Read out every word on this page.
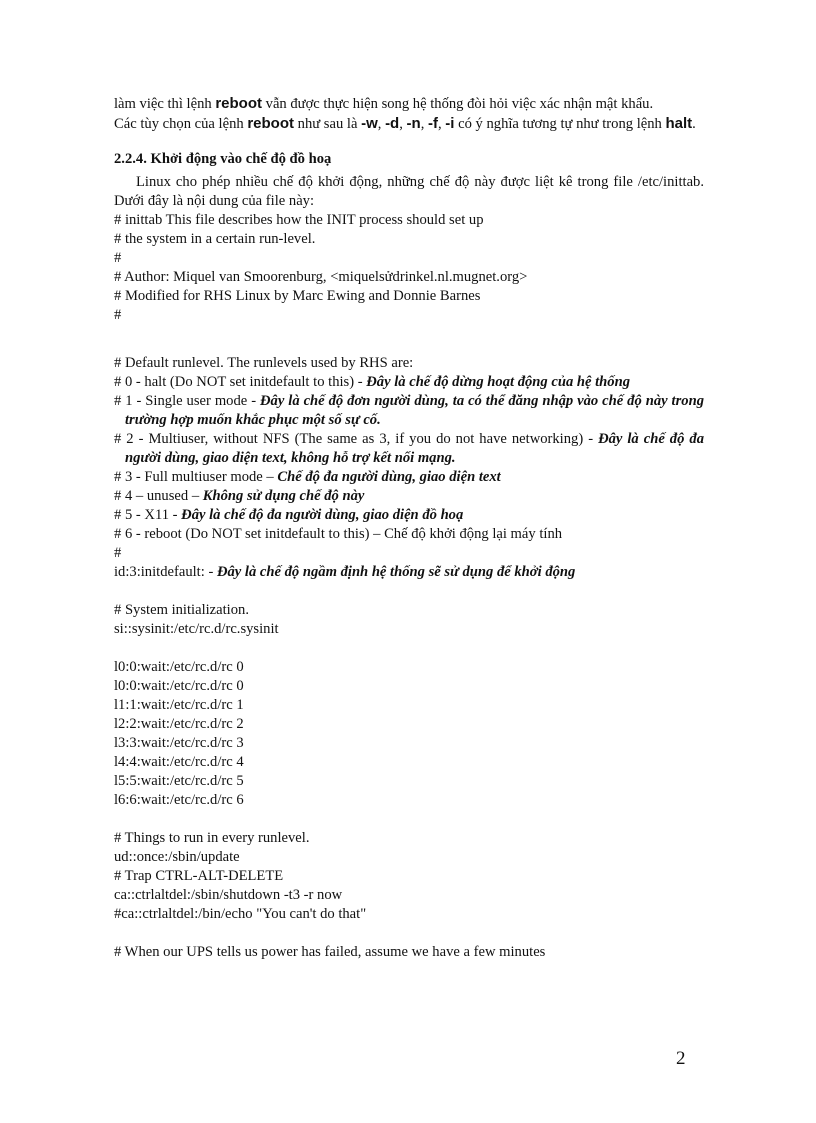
làm việc thì lệnh reboot vẫn được thực hiện song hệ thống đòi hỏi việc xác nhận mật khẩu.

Các tùy chọn của lệnh reboot như sau là -w, -d, -n, -f, -i có ý nghĩa tương tự như trong lệnh halt.

2.2.4. Khởi động vào chế độ đồ hoạ

Linux cho phép nhiều chế độ khởi động, những chế độ này được liệt kê trong file /etc/inittab. Dưới đây là nội dung của file này:

# inittab This file describes how the INIT process should set up

# the system in a certain run-level.

#

# Author: Miquel van Smoorenburg, <miquelsửdrinkel.nl.mugnet.org>

# Modified for RHS Linux by Marc Ewing and Donnie Barnes

#

# Default runlevel. The runlevels used by RHS are:

# 0 - halt (Do NOT set initdefault to this) - Đây là chế độ dừng hoạt động của hệ thống

# 1 - Single user mode - Đây là chế độ đơn người dùng, ta có thể đăng nhập vào chế độ này trong trường hợp muốn khắc phục một số sự cố.

# 2 - Multiuser, without NFS (The same as 3, if you do not have networking) - Đây là chế độ đa người dùng, giao diện text, không hỗ trợ kết nối mạng.

# 3 - Full multiuser mode – Chế độ đa người dùng, giao diện text

# 4 – unused – Không sử dụng chế độ này

# 5 - X11 - Đây là chế độ đa người dùng, giao diện đồ hoạ

# 6 - reboot (Do NOT set initdefault to this) – Chế độ khởi động lại máy tính

#

id:3:initdefault: - Đây là chế độ ngầm định hệ thống sẽ sử dụng để khởi động

# System initialization.

si::sysinit:/etc/rc.d/rc.sysinit

l0:0:wait:/etc/rc.d/rc 0

l0:0:wait:/etc/rc.d/rc 0

l1:1:wait:/etc/rc.d/rc 1

l2:2:wait:/etc/rc.d/rc 2

l3:3:wait:/etc/rc.d/rc 3

l4:4:wait:/etc/rc.d/rc 4

l5:5:wait:/etc/rc.d/rc 5

l6:6:wait:/etc/rc.d/rc 6

# Things to run in every runlevel.

ud::once:/sbin/update

# Trap CTRL-ALT-DELETE

ca::ctrlaltdel:/sbin/shutdown -t3 -r now

#ca::ctrlaltdel:/bin/echo "You can't do that"

# When our UPS tells us power has failed, assume we have a few minutes

2
